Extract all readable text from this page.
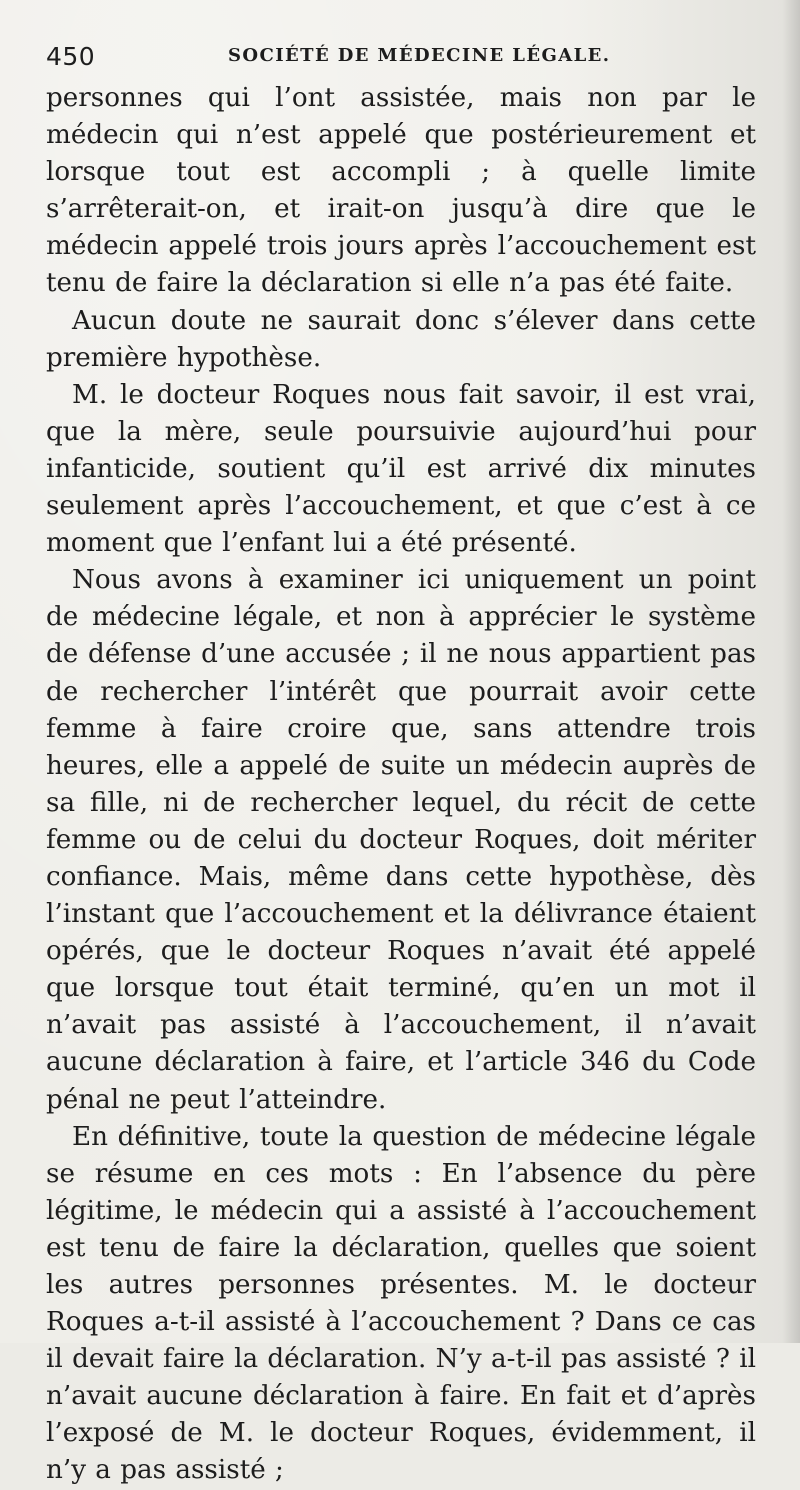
450	SOCIÉTÉ DE MÉDECINE LÉGALE.

personnes qui l’ont assistée, mais non par le médecin qui n’est appelé que postérieurement et lorsque tout est accompli ; à quelle limite s’arrêterait-on, et irait-on jusqu’à dire que le médecin appelé trois jours après l’accouchement est tenu de faire la déclaration si elle n’a pas été faite.

Aucun doute ne saurait donc s’élever dans cette première hypothèse.

M. le docteur Roques nous fait savoir, il est vrai, que la mère, seule poursuivie aujourd’hui pour infanticide, soutient qu’il est arrivé dix minutes seulement après l’accouchement, et que c’est à ce moment que l’enfant lui a été présenté.

Nous avons à examiner ici uniquement un point de médecine légale, et non à apprécier le système de défense d’une accusée ; il ne nous appartient pas de rechercher l’intérêt que pourrait avoir cette femme à faire croire que, sans attendre trois heures, elle a appelé de suite un médecin auprès de sa fille, ni de rechercher lequel, du récit de cette femme ou de celui du docteur Roques, doit mériter confiance. Mais, même dans cette hypothèse, dès l’instant que l’accouchement et la délivrance étaient opérés, que le docteur Roques n’avait été appelé que lorsque tout était terminé, qu’en un mot il n’avait pas assisté à l’accouchement, il n’avait aucune déclaration à faire, et l’article 346 du Code pénal ne peut l’atteindre.

En définitive, toute la question de médecine légale se résume en ces mots : En l’absence du père légitime, le médecin qui a assisté à l’accouchement est tenu de faire la déclaration, quelles que soient les autres personnes présentes. M. le docteur Roques a-t-il assisté à l’accouchement ? Dans ce cas il devait faire la déclaration. N’y a-t-il pas assisté ? il n’avait aucune déclaration à faire. En fait et d’après l’exposé de M. le docteur Roques, évidemment, il n’y a pas assisté ;
